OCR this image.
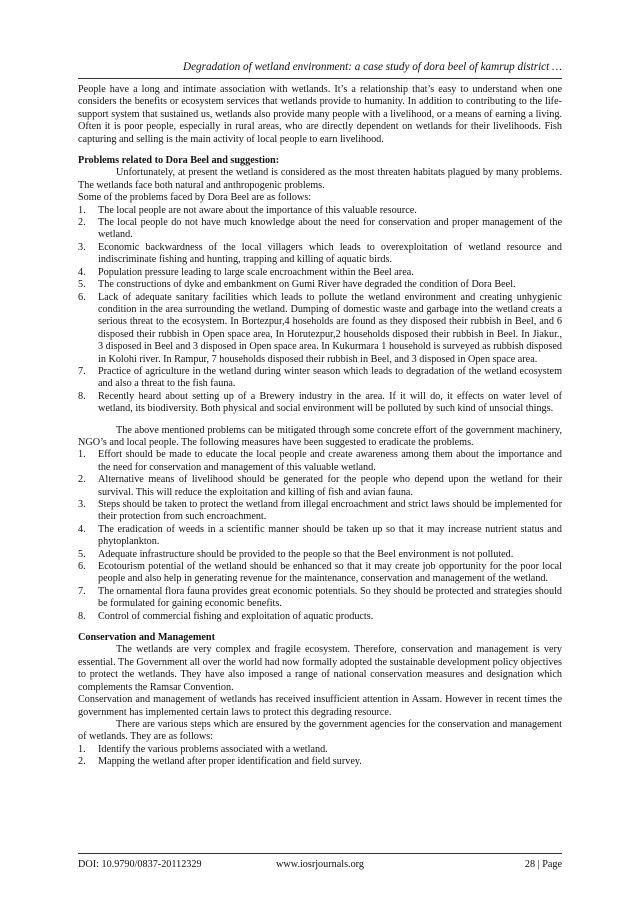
Degradation of wetland environment: a case study of dora beel of kamrup district …

People have a long and intimate association with wetlands. It’s a relationship that’s easy to understand when one considers the benefits or ecosystem services that wetlands provide to humanity. In addition to contributing to the life-support system that sustained us, wetlands also provide many people with a livelihood, or a means of earning a living. Often it is poor people, especially in rural areas, who are directly dependent on wetlands for their livelihoods. Fish capturing and selling is the main activity of local people to earn livelihood.

Problems related to Dora Beel and suggestion:

Unfortunately, at present the wetland is considered as the most threaten habitats plagued by many problems. The wetlands face both natural and anthropogenic problems.

Some of the problems faced by Dora Beel are as follows:

1. The local people are not aware about the importance of this valuable resource.
2. The local people do not have much knowledge about the need for conservation and proper management of the wetland.
3. Economic backwardness of the local villagers which leads to overexploitation of wetland resource and indiscriminate fishing and hunting, trapping and killing of aquatic birds.
4. Population pressure leading to large scale encroachment within the Beel area.
5. The constructions of dyke and embankment on Gumi River have degraded the condition of Dora Beel.
6. Lack of adequate sanitary facilities which leads to pollute the wetland environment and creating unhygienic condition in the area surrounding the wetland. Dumping of domestic waste and garbage into the wetland creats a serious threat to the ecosystem. In Bortezpur,4 hoseholds are found as they disposed their rubbish in Beel, and 6 disposed their rubbish in Open space area, In Horutezpur,2 households disposed their rubbish in Beel. In Jiakur., 3 disposed in Beel and 3 disposed in Open space area. In Kukurmara 1 household is surveyed as rubbish disposed in Kolohi river. In Rampur, 7 households disposed their rubbish in Beel, and 3 disposed in Open space area.
7. Practice of agriculture in the wetland during winter season which leads to degradation of the wetland ecosystem and also a threat to the fish fauna.
8. Recently heard about setting up of a Brewery industry in the area. If it will do, it effects on water level of wetland, its biodiversity. Both physical and social environment will be polluted by such kind of unsocial things.

The above mentioned problems can be mitigated through some concrete effort of the government machinery, NGO’s and local people. The following measures have been suggested to eradicate the problems.

1. Effort should be made to educate the local people and create awareness among them about the importance and the need for conservation and management of this valuable wetland.
2. Alternative means of livelihood should be generated for the people who depend upon the wetland for their survival. This will reduce the exploitation and killing of fish and avian fauna.
3. Steps should be taken to protect the wetland from illegal encroachment and strict laws should be implemented for their protection from such encroachment.
4. The eradication of weeds in a scientific manner should be taken up so that it may increase nutrient status and phytoplankton.
5. Adequate infrastructure should be provided to the people so that the Beel environment is not polluted.
6. Ecotourism potential of the wetland should be enhanced so that it may create job opportunity for the poor local people and also help in generating revenue for the maintenance, conservation and management of the wetland.
7. The ornamental flora fauna provides great economic potentials. So they should be protected and strategies should be formulated for gaining economic benefits.
8. Control of commercial fishing and exploitation of aquatic products.

Conservation and Management

The wetlands are very complex and fragile ecosystem. Therefore, conservation and management is very essential. The Government all over the world had now formally adopted the sustainable development policy objectives to protect the wetlands. They have also imposed a range of national conservation measures and designation which complements the Ramsar Convention.

Conservation and management of wetlands has received insufficient attention in Assam. However in recent times the government has implemented certain laws to protect this degrading resource.

There are various steps which are ensured by the government agencies for the conservation and management of wetlands. They are as follows:

1. Identify the various problems associated with a wetland.
2. Mapping the wetland after proper identification and field survey.
DOI: 10.9790/0837-20112329	www.iosrjournals.org	28 | Page
